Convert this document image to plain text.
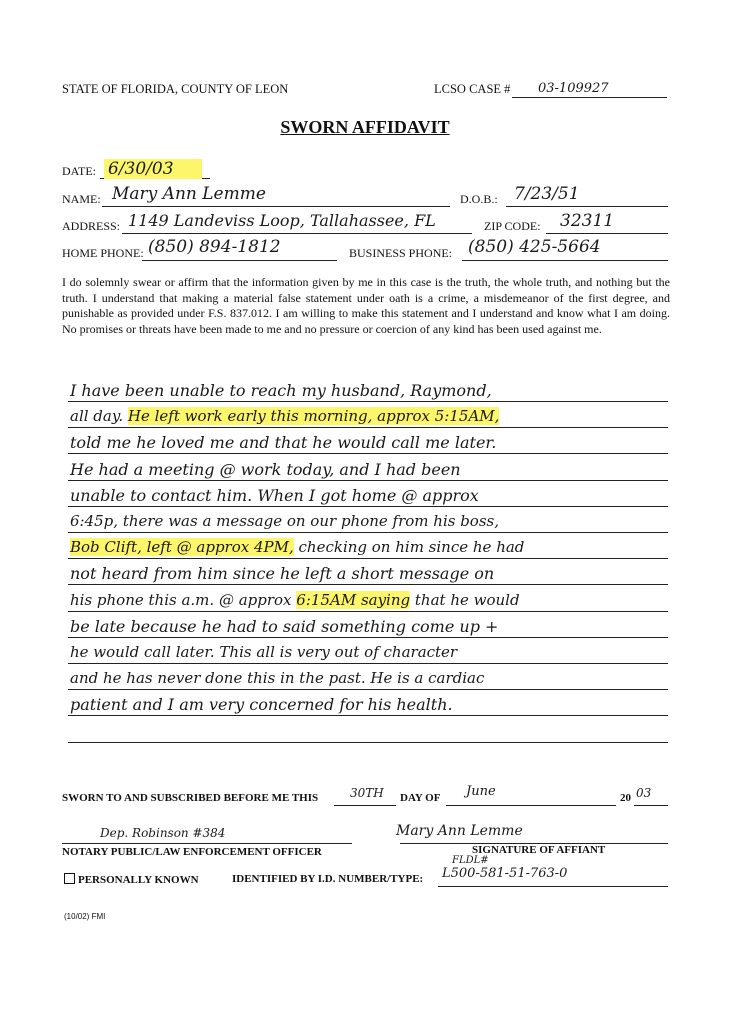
STATE OF FLORIDA, COUNTY OF LEON	LCSO CASE # 03-109927
SWORN AFFIDAVIT
DATE: 6/30/03
NAME: Mary Ann Lemme	D.O.B.: 7/23/51
ADDRESS: 1149 Landeviss Loop, Tallahassee, FL	ZIP CODE: 32311
HOME PHONE: (850) 894-1812	BUSINESS PHONE: (850) 425-5664
I do solemnly swear or affirm that the information given by me in this case is the truth, the whole truth, and nothing but the truth. I understand that making a material false statement under oath is a crime, a misdemeanor of the first degree, and punishable as provided under F.S. 837.012. I am willing to make this statement and I understand and know what I am doing. No promises or threats have been made to me and no pressure or coercion of any kind has been used against me.
I have been unable to reach my husband, Raymond,
all day. He left work early this morning, approx 5:15AM,
told me he loved me and that he would call me later.
He had a meeting @ work today, and I had been
unable to contact him. When I got home @ approx
6:45p, there was a message on our phone from his boss,
Bob Clift, left @ approx 4PM, checking on him since he had
not heard from him since he left a short message on
his phone this a.m. @ approx 6:15AM saying that he would
be late because he had to said something come up +
he would call later. This all is very out of character
and he has never done this in the past. He is a cardiac
patient and I am very concerned for his health.
SWORN TO AND SUBSCRIBED BEFORE ME THIS	30TH DAY OF June	20 03
Dep. Robinson #384
NOTARY PUBLIC/LAW ENFORCEMENT OFFICER
Mary Ann Lemme
SIGNATURE OF AFFIANT
PERSONALLY KNOWN	IDENTIFIED BY I.D. NUMBER/TYPE:
FLDL#
L500-581-51-763-0
(10/02) FMI
